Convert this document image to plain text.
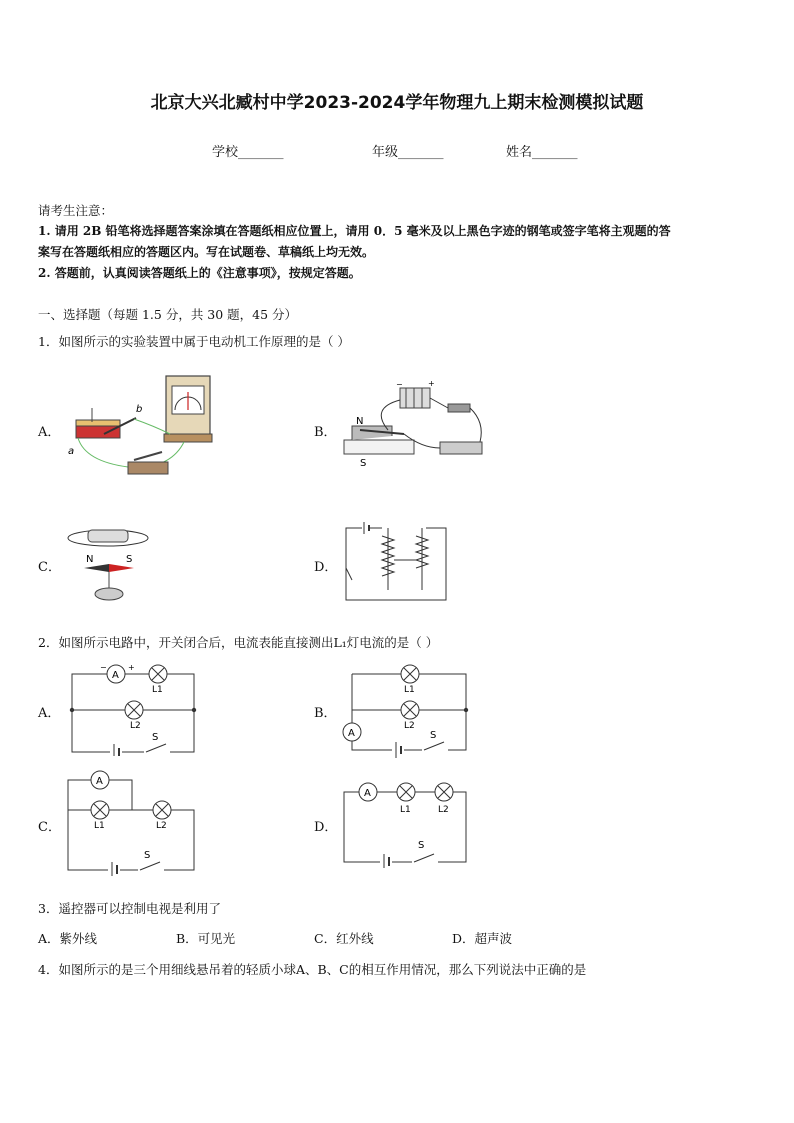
北京大兴北臧村中学2023-2024学年物理九上期末检测模拟试题
学校_______	年级_______	姓名_______
请考生注意：
1. 请用 2B 铅笔将选择题答案涂填在答题纸相应位置上，请用 0．5 毫米及以上黑色字迹的钢笔或签字笔将主观题的答
案写在答题纸相应的答题区内。写在试题卷、草稿纸上均无效。
2. 答题前，认真阅读答题纸上的《注意事项》，按规定答题。
一、选择题（每题 1.5 分，共 30 题，45 分）
1．如图所示的实验装置中属于电动机工作原理的是（ ）
A．	B．
C．	D．
a
b
−	+
N
S
N	S
2．如图所示电路中，开关闭合后，电流表能直接测出L₁灯电流的是（ ）
A．	B．
C．	D．
A
−	+
L1
L2
S
L1
L2
A	S
A
L1	L2
S
A
L1	L2
S
3．遥控器可以控制电视是利用了
A．紫外线	B．可见光	C．红外线	D．超声波
4．如图所示的是三个用细线悬吊着的轻质小球A、B、C的相互作用情况，那么下列说法中正确的是
